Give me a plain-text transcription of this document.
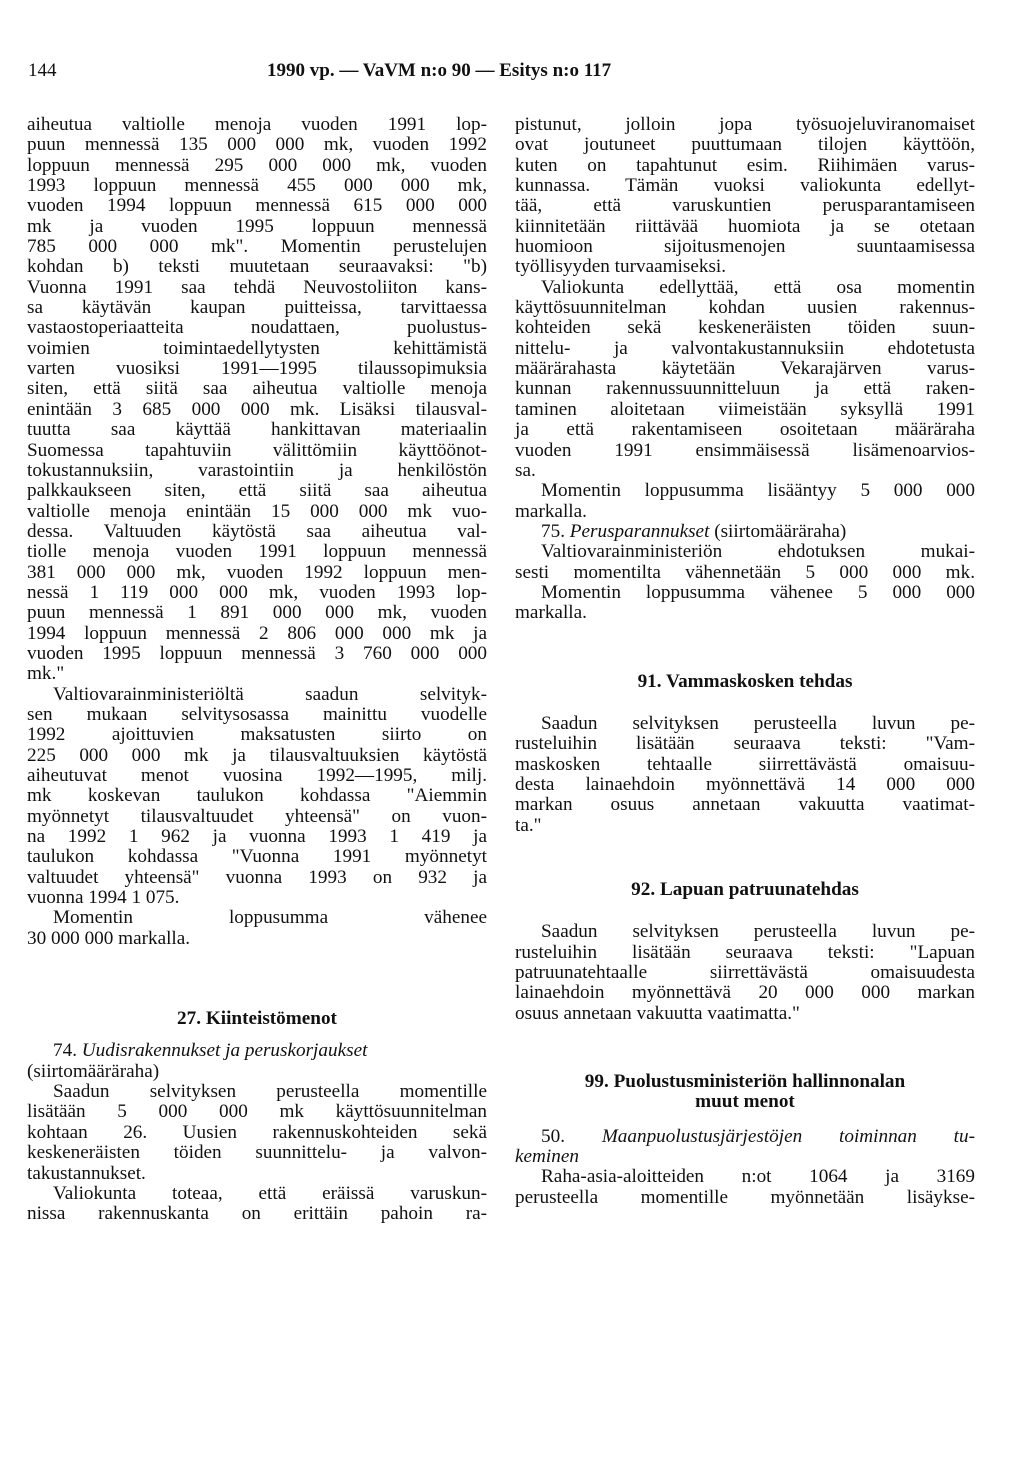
144	1990 vp. — VaVM n:o 90 — Esitys n:o 117
aiheutua valtiolle menoja vuoden 1991 lop-
puun mennessä 135 000 000 mk, vuoden 1992
loppuun mennessä 295 000 000 mk, vuoden
1993 loppuun mennessä 455 000 000 mk,
vuoden 1994 loppuun mennessä 615 000 000
mk ja vuoden 1995 loppuun mennessä
785 000 000 mk". Momentin perustelujen
kohdan b) teksti muutetaan seuraavaksi: "b)
Vuonna 1991 saa tehdä Neuvostoliiton kans-
sa käytävän kaupan puitteissa, tarvittaessa
vastaostoperiaatteita noudattaen, puolustus-
voimien toimintaedellytysten kehittämistä
varten vuosiksi 1991—1995 tilaussopimuksia
siten, että siitä saa aiheutua valtiolle menoja
enintään 3 685 000 000 mk. Lisäksi tilausval-
tuutta saa käyttää hankittavan materiaalin
Suomessa tapahtuviin välittömiin käyttöönot-
tokustannuksiin, varastointiin ja henkilöstön
palkkaukseen siten, että siitä saa aiheutua
valtiolle menoja enintään 15 000 000 mk vuo-
dessa. Valtuuden käytöstä saa aiheutua val-
tiolle menoja vuoden 1991 loppuun mennessä
381 000 000 mk, vuoden 1992 loppuun men-
nessä 1 119 000 000 mk, vuoden 1993 lop-
puun mennessä 1 891 000 000 mk, vuoden
1994 loppuun mennessä 2 806 000 000 mk ja
vuoden 1995 loppuun mennessä 3 760 000 000
mk."
Valtiovarainministeriöltä saadun selvityk-
sen mukaan selvitysosassa mainittu vuodelle
1992 ajoittuvien maksatusten siirto on
225 000 000 mk ja tilausvaltuuksien käytöstä
aiheutuvat menot vuosina 1992—1995, milj.
mk koskevan taulukon kohdassa "Aiemmin
myönnetyt tilausvaltuudet yhteensä" on vuon-
na 1992 1 962 ja vuonna 1993 1 419 ja
taulukon kohdassa "Vuonna 1991 myönnetyt
valtuudet yhteensä" vuonna 1993 on 932 ja
vuonna 1994 1 075.
Momentin loppusumma vähenee
30 000 000 markalla.
27. Kiinteistömenot
74. Uudisrakennukset ja peruskorjaukset
(siirtomääräraha)
Saadun selvityksen perusteella momentille
lisätään 5 000 000 mk käyttösuunnitelman
kohtaan 26. Uusien rakennuskohteiden sekä
keskeneräisten töiden suunnittelu- ja valvon-
takustannukset.
Valiokunta toteaa, että eräissä varuskun-
nissa rakennuskanta on erittäin pahoin ra-
pistunut, jolloin jopa työsuojeluviranomaiset
ovat joutuneet puuttumaan tilojen käyttöön,
kuten on tapahtunut esim. Riihimäen varus-
kunnassa. Tämän vuoksi valiokunta edellyt-
tää, että varuskuntien perusparantamiseen
kiinnitetään riittävää huomiota ja se otetaan
huomioon sijoitusmenojen suuntaamisessa
työllisyyden turvaamiseksi.
Valiokunta edellyttää, että osa momentin
käyttösuunnitelman kohdan uusien rakennus-
kohteiden sekä keskeneräisten töiden suun-
nittelu- ja valvontakustannuksiin ehdotetusta
määrärahasta käytetään Vekarajärven varus-
kunnan rakennussuunnitteluun ja että raken-
taminen aloitetaan viimeistään syksyllä 1991
ja että rakentamiseen osoitetaan määräraha
vuoden 1991 ensimmäisessä lisämenoarvios-
sa.
Momentin loppusumma lisääntyy 5 000 000
markalla.
75. Perusparannukset (siirtomääräraha)
Valtiovarainministeriön ehdotuksen mukai-
sesti momentilta vähennetään 5 000 000 mk.
Momentin loppusumma vähenee 5 000 000
markalla.
91. Vammaskosken tehdas
Saadun selvityksen perusteella luvun pe-
rusteluihin lisätään seuraava teksti: "Vam-
maskosken tehtaalle siirrettävästä omaisuu-
desta lainaehdoin myönnettävä 14 000 000
markan osuus annetaan vakuutta vaatimat-
ta."
92. Lapuan patruunatehdas
Saadun selvityksen perusteella luvun pe-
rusteluihin lisätään seuraava teksti: "Lapuan
patruunatehtaalle siirrettävästä omaisuudesta
lainaehdoin myönnettävä 20 000 000 markan
osuus annetaan vakuutta vaatimatta."
99. Puolustusministeriön hallinnonalan
muut menot
50. Maanpuolustusjärjestöjen toiminnan tu-
keminen
Raha-asia-aloitteiden n:ot 1064 ja 3169
perusteella momentille myönnetään lisäykse-
